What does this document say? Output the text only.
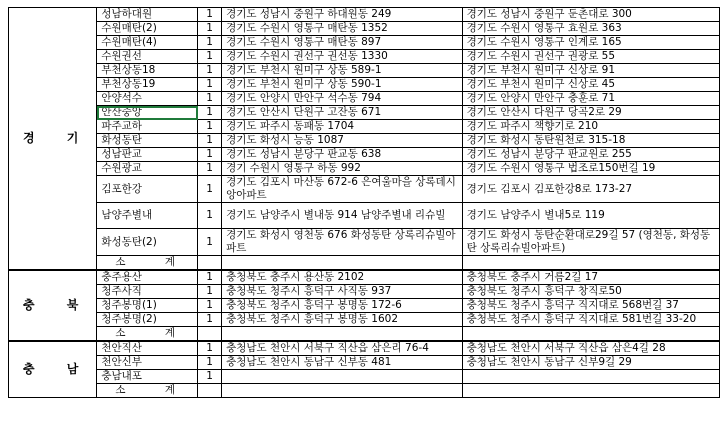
경 기	성남하대원	1	경기도 성남시 중원구 하대원동 249	경기도 성남시 중원구 둔촌대로 300
	수원매탄(2)	1	경기도 수원시 영통구 매탄동 1352	경기도 수원시 영통구 효원로 363
	수원매탄(4)	1	경기도 수원시 영통구 매탄동 897	경기도 수원시 영통구 인계로 165
	수원권선	1	경기도 수원시 권선구 권선동 1330	경기도 수원시 권선구 권광로 55
	부천상동18	1	경기도 부천시 원미구 상동 589-1	경기도 부천시 원미구 신상로 91
	부천상동19	1	경기도 부천시 원미구 상동 590-1	경기도 부천시 원미구 신상로 45
	안양석수	1	경기도 안양시 만안구 석수동 794	경기도 안양시 만안구 충훈로 71
	안산중앙	1	경기도 안산시 단원구 고잔동 671	경기도 안산시 다원구 당곡2로 29
	파주교하	1	경기도 파주시 동패동 1704	경기도 파주시 책향기로 210
	화성동탄	1	경기도 화성시 능동 1087	경기도 화성시 동탄원천로 315-18
	성남판교	1	경기도 성남시 분당구 판교동 638	경기도 성남시 분당구 판교원로 255
	수원광교	1	경기 수원시 영통구 하동 992	경기도 수원시 영통구 법조로150번길 19
	김포한강	1	경기도 김포시 마산동 672-6 은여울마을 상록데시앙아파트	경기도 김포시 김포한강8로 173-27
	남양주별내	1	경기도 남양주시 별내동 914 남양주별내 리슈빌	경기도 남양주시 별내5로 119
	화성동탄(2)	1	경기도 화성시 영천동 676 화성동탄 상록리슈빌아파트	경기도 화성시 동탄순환대로29길 57 (영천동, 화성동탄 상록리슈빌아파트)
	소 계			
충 북	충주용산	1	충청북도 충주시 용산동 2102	충청북도 충주시 거름2길 17
	청주사직	1	충청북도 청주시 흥덕구 사직동 937	충청북도 청주시 흥덕구 창직로50
	청주봉명(1)	1	충청북도 청주시 흥덕구 봉명동 172-6	충청북도 청주시 흥덕구 직지대로 568번길 37
	청주봉명(2)	1	충청북도 청주시 흥덕구 봉명동 1602	충청북도 청주시 흥덕구 직지대로 581번길 33-20
	소 계			
충 남	천안직산	1	충청남도 천안시 서북구 직산읍 삼은리 76-4	충청남도 천안시 서북구 직산읍 삼은4길 28
	천안신부	1	충청남도 천안시 동남구 신부동 481	충청남도 천안시 동남구 신부9길 29
	충남내포	1		
	소 계			
